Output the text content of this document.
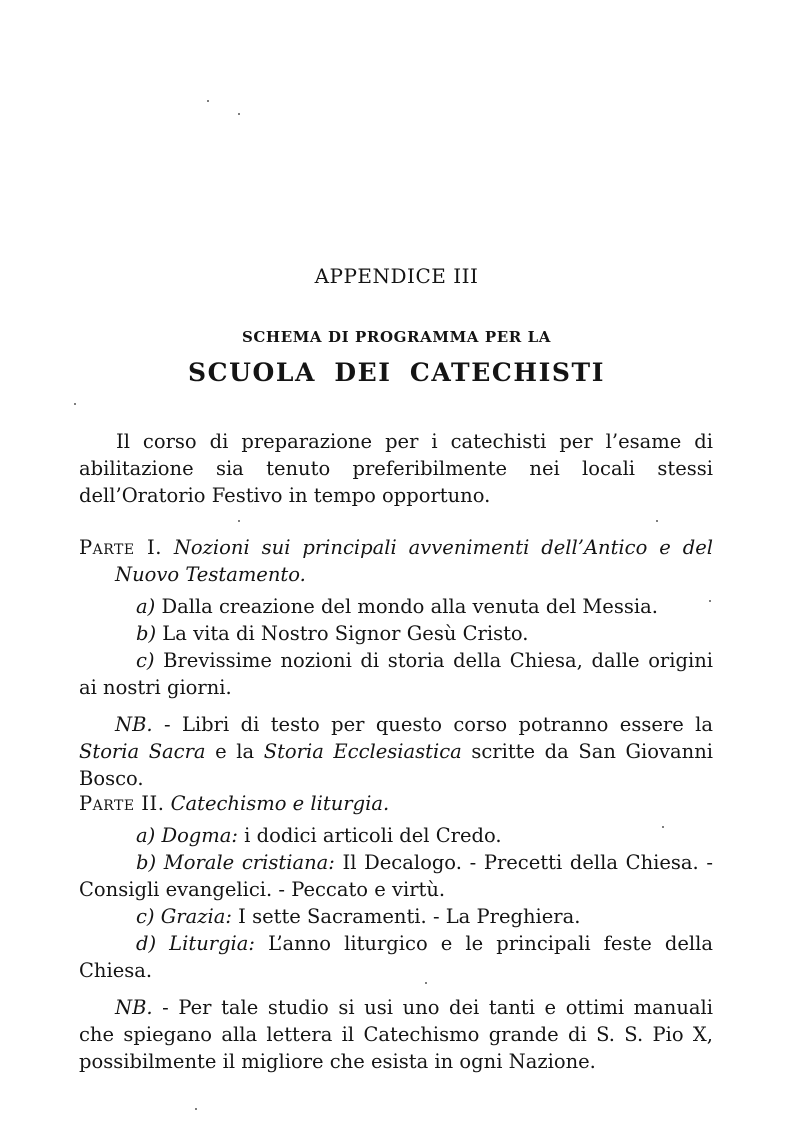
APPENDICE III
SCHEMA DI PROGRAMMA PER LA
SCUOLA DEI CATECHISTI
Il corso di preparazione per i catechisti per l’esame di abilitazione sia tenuto preferibilmente nei locali stessi dell’Oratorio Festivo in tempo opportuno.
Parte I. Nozioni sui principali avvenimenti dell’Antico e del Nuovo Testamento.
a) Dalla creazione del mondo alla venuta del Messia.
b) La vita di Nostro Signor Gesù Cristo.
c) Brevissime nozioni di storia della Chiesa, dalle origini ai nostri giorni.
NB. - Libri di testo per questo corso potranno essere la Storia Sacra e la Storia Ecclesiastica scritte da San Giovanni Bosco.
Parte II. Catechismo e liturgia.
a) Dogma: i dodici articoli del Credo.
b) Morale cristiana: Il Decalogo. - Precetti della Chiesa. - Consigli evangelici. - Peccato e virtù.
c) Grazia: I sette Sacramenti. - La Preghiera.
d) Liturgia: L’anno liturgico e le principali feste della Chiesa.
NB. - Per tale studio si usi uno dei tanti e ottimi manuali che spiegano alla lettera il Catechismo grande di S. S. Pio X, possibilmente il migliore che esista in ogni Nazione.
